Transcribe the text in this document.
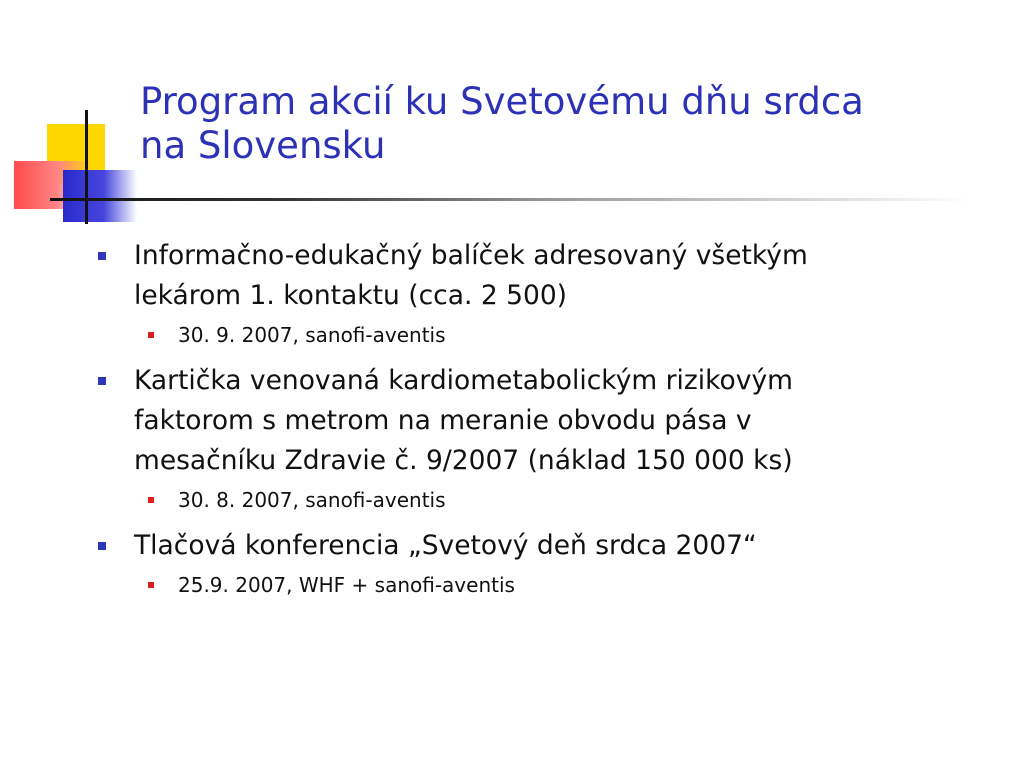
Program akcií ku Svetovému dňu srdca
na Slovensku
Informačno-edukačný balíček adresovaný všetkým
lekárom 1. kontaktu (cca. 2 500)
30. 9. 2007, sanofi-aventis
Kartička venovaná kardiometabolickým rizikovým
faktorom s metrom na meranie obvodu pása v
mesačníku Zdravie č. 9/2007 (náklad 150 000 ks)
30. 8. 2007, sanofi-aventis
Tlačová konferencia „Svetový deň srdca 2007“
25.9. 2007, WHF + sanofi-aventis
